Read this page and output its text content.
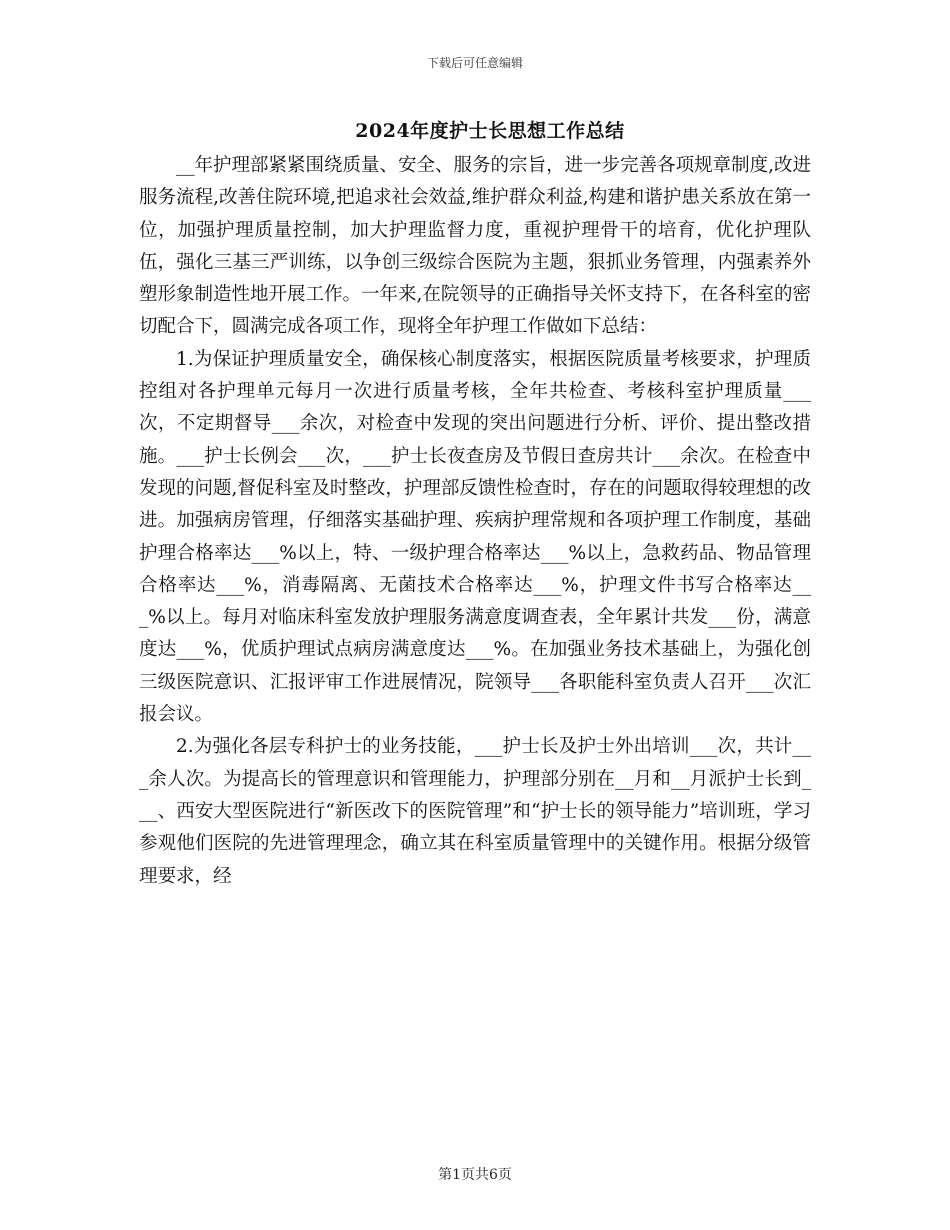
下载后可任意编辑
2024年度护士长思想工作总结

__年护理部紧紧围绕质量、安全、服务的宗旨，进一步完善各项规章制度,改进服务流程,改善住院环境,把追求社会效益,维护群众利益,构建和谐护患关系放在第一位，加强护理质量控制，加大护理监督力度，重视护理骨干的培育，优化护理队伍，强化三基三严训练，以争创三级综合医院为主题，狠抓业务管理，内强素养外塑形象制造性地开展工作。一年来,在院领导的正确指导关怀支持下，在各科室的密切配合下，圆满完成各项工作，现将全年护理工作做如下总结：

1.为保证护理质量安全，确保核心制度落实，根据医院质量考核要求，护理质控组对各护理单元每月一次进行质量考核，全年共检查、考核科室护理质量___次，不定期督导___余次，对检查中发现的突出问题进行分析、评价、提出整改措施。___护士长例会___次，___护士长夜查房及节假日查房共计___余次。在检查中发现的问题,督促科室及时整改，护理部反馈性检查时，存在的问题取得较理想的改进。加强病房管理，仔细落实基础护理、疾病护理常规和各项护理工作制度，基础护理合格率达___%以上，特、一级护理合格率达___%以上，急救药品、物品管理合格率达___%，消毒隔离、无菌技术合格率达___%，护理文件书写合格率达___%以上。每月对临床科室发放护理服务满意度调查表，全年累计共发___份，满意度达___%，优质护理试点病房满意度达___%。在加强业务技术基础上，为强化创三级医院意识、汇报评审工作进展情况，院领导___各职能科室负责人召开___次汇报会议。

2.为强化各层专科护士的业务技能，___护士长及护士外出培训___次，共计___余人次。为提高长的管理意识和管理能力，护理部分别在__月和__月派护士长到___、西安大型医院进行“新医改下的医院管理”和“护士长的领导能力”培训班，学习参观他们医院的先进管理理念，确立其在科室质量管理中的关键作用。根据分级管理要求，经

第1页共6页
